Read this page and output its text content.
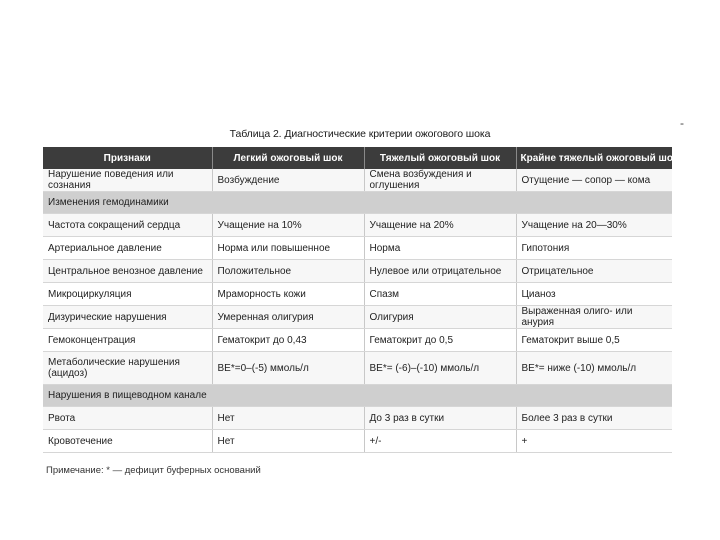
-
Таблица 2. Диагностические критерии ожогового шока
Признаки	Легкий ожоговый шок	Тяжелый ожоговый шок	Крайне тяжелый ожоговый шок
Нарушение поведения или сознания	Возбуждение	Смена возбуждения и оглушения	Отущение — сопор — кома
Изменения гемодинамики			
Частота сокращений сердца	Учащение на 10%	Учащение на 20%	Учащение на 20—30%
Артериальное давление	Норма или повышенное	Норма	Гипотония
Центральное венозное давление	Положительное	Нулевое или отрицательное	Отрицательное
Микроциркуляция	Мраморность кожи	Спазм	Цианоз
Дизурические нарушения	Умеренная олигурия	Олигурия	Выраженная олиго- или анурия
Гемоконцентрация	Гематокрит до 0,43	Гематокрит до 0,5	Гематокрит выше 0,5
Метаболические нарушения (ацидоз)	BE*=0–(-5) ммоль/л	BE*= (-6)–(-10) ммоль/л	BE*= ниже (-10) ммоль/л
Нарушения в пищеводном канале			
Рвота	Нет	До 3 раз в сутки	Более 3 раз в сутки
Кровотечение	Нет	+/-	+
Примечание: * — дефицит буферных оснований
